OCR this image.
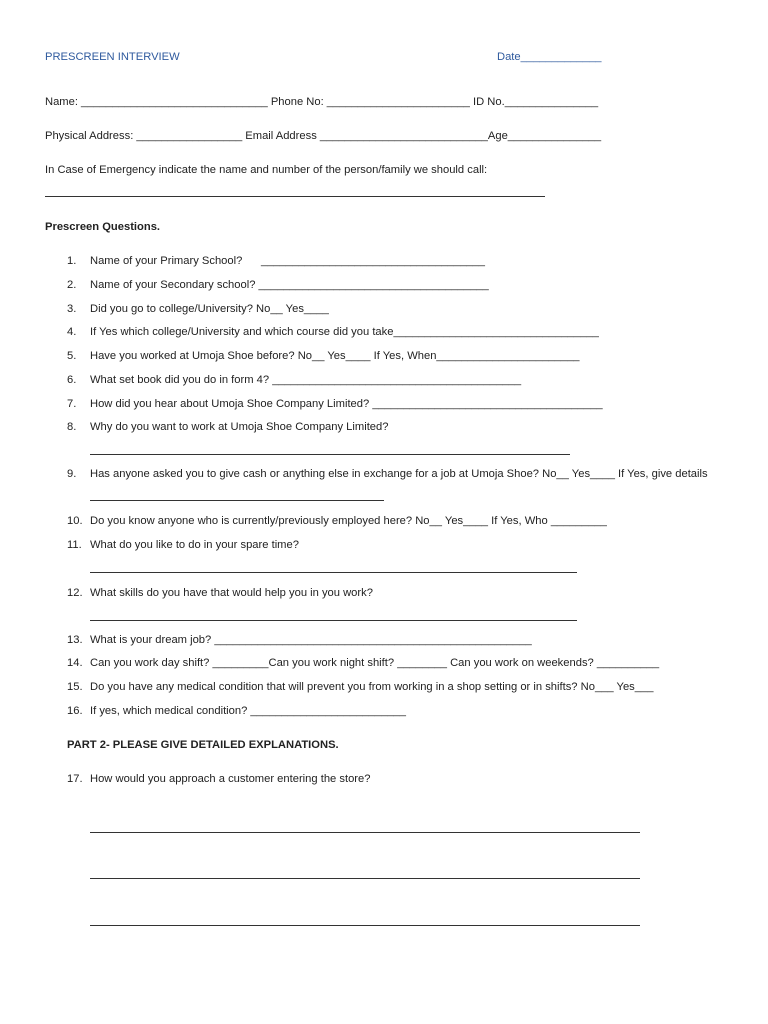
PRESCREEN INTERVIEW	Date_____________
Name: ______________________________ Phone No: _______________________ ID No._______________
Physical Address: _________________ Email Address ___________________________Age_______________
In Case of Emergency indicate the name and number of the person/family we should call:
Prescreen Questions.
1.	Name of your Primary School?      ____________________________________
2.	Name of your Secondary school? _____________________________________
3.	Did you go to college/University? No__ Yes____
4.	If Yes which college/University and which course did you take_________________________________
5.	Have you worked at Umoja Shoe before? No__ Yes____ If Yes, When_______________________
6.	What set book did you do in form 4? ________________________________________
7.	How did you hear about Umoja Shoe Company Limited? _____________________________________
8.	Why do you want to work at Umoja Shoe Company Limited?
9.	Has anyone asked you to give cash or anything else in exchange for a job at Umoja Shoe? No__ Yes____ If Yes, give details
10. Do you know anyone who is currently/previously employed here? No__ Yes____ If Yes, Who _________
11. What do you like to do in your spare time?
12. What skills do you have that would help you in you work?
13. What is your dream job? ___________________________________________________
14. Can you work day shift? _________Can you work night shift? ________ Can you work on weekends? __________
15. Do you have any medical condition that will prevent you from working in a shop setting or in shifts? No___ Yes___
16. If yes, which medical condition? _________________________
PART 2- PLEASE GIVE DETAILED EXPLANATIONS.
17. How would you approach a customer entering the store?
